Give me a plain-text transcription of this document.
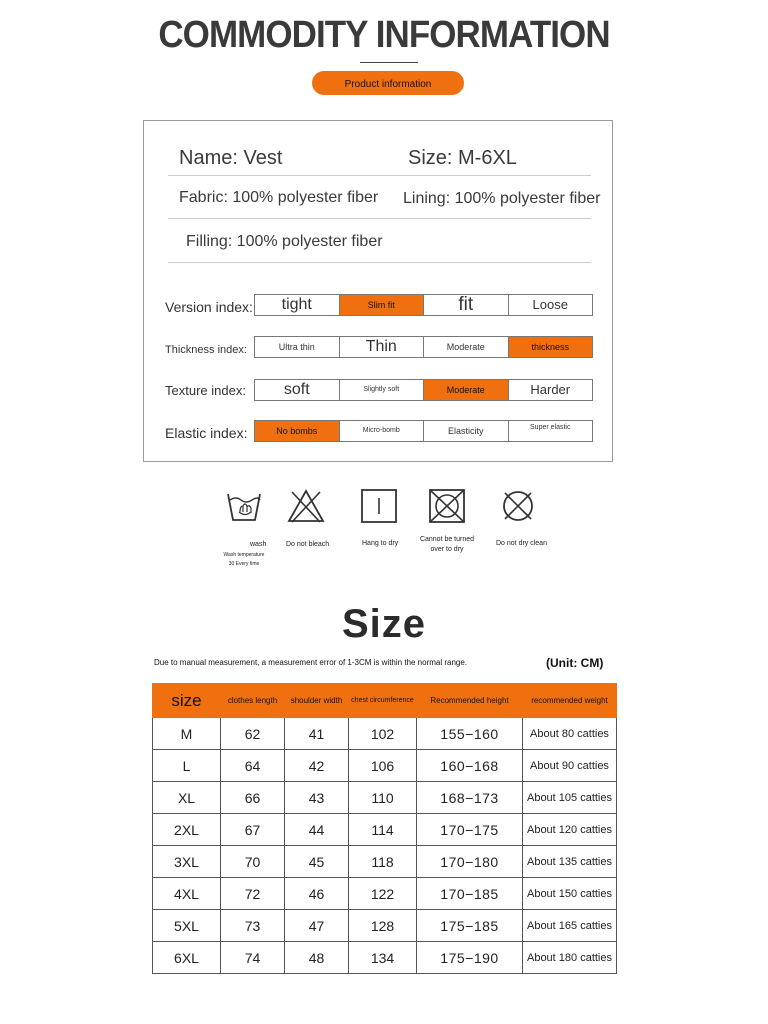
COMMODITY INFORMATION
Product information
Name: Vest	Size: M-6XL
Fabric: 100% polyester fiber Lining: 100% polyester fiber
Filling: 100% polyester fiber
Version index:	tight	Slim fit	fit	Loose
Thickness index:	Ultra thin	Thin	Moderate	thickness
Texture index:	soft	Slightly soft	Moderate	Harder
Elastic index:	No bombs	Micro-bomb	Elasticity	Super elastic
wash
Wash temperature 30 Every time
Do not bleach	Hang to dry
Cannot be turned over to dry
Do not dry clean
Size
Due to manual measurement, a measurement error of 1-3CM is within the normal range.	(Unit: CM)
size	clothes length	shoulder width	chest circumference	Recommended height	recommended weight
M	62	41	102	155−160	About 80 catties
L	64	42	106	160−168	About 90 catties
XL	66	43	110	168−173	About 105 catties
2XL	67	44	114	170−175	About 120 catties
3XL	70	45	118	170−180	About 135 catties
4XL	72	46	122	170−185	About 150 catties
5XL	73	47	128	175−185	About 165 catties
6XL	74	48	134	175−190	About 180 catties
